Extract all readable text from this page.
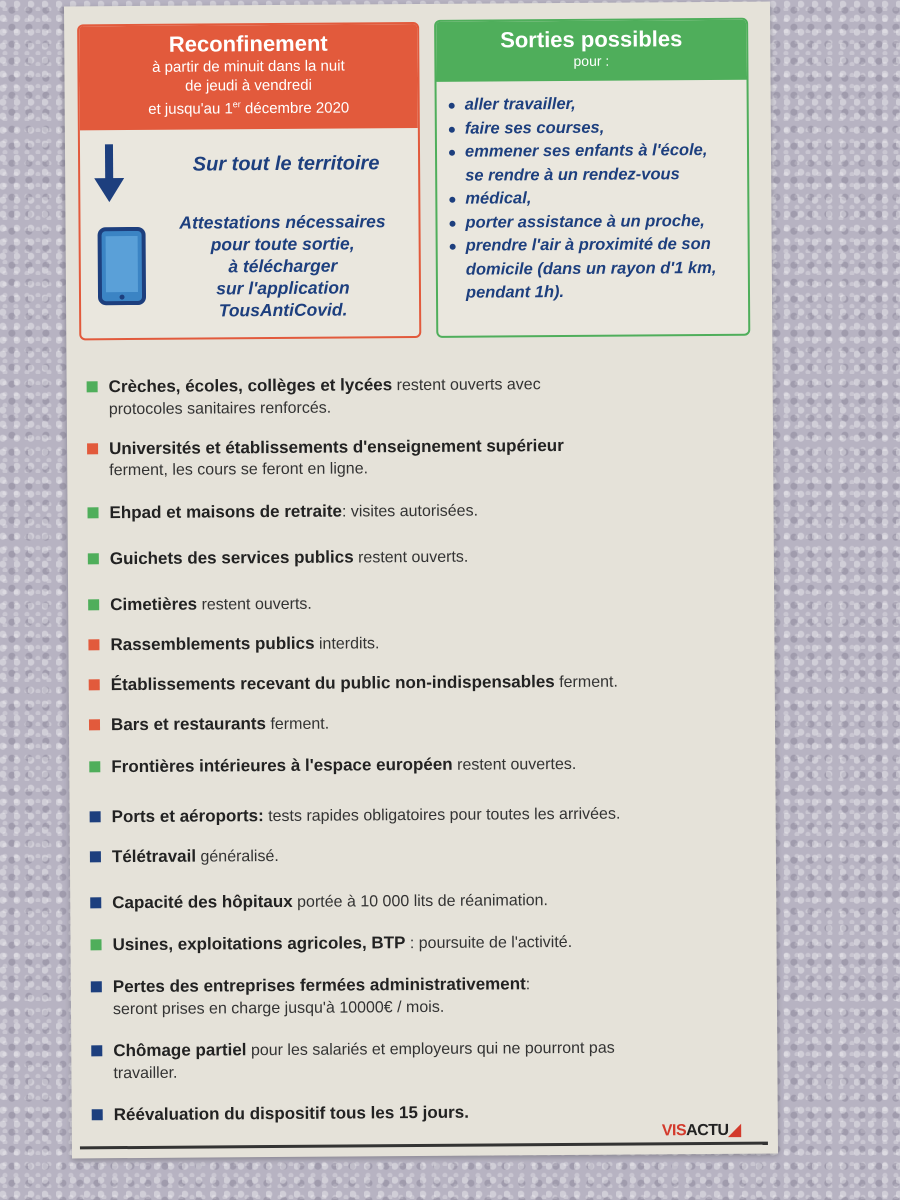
Reconfinement
à partir de minuit dans la nuit
de jeudi à vendredi
et jusqu'au 1er décembre 2020
Sur tout le territoire
Attestations nécessaires
pour toute sortie,
à télécharger
sur l'application
TousAntiCovid.
Sorties possibles
pour :
aller travailler,
faire ses courses,
emmener ses enfants à l'école,
se rendre à un rendez-vous
médical,
porter assistance à un proche,
prendre l'air à proximité de son
domicile (dans un rayon d'1 km,
pendant 1h).
Crèches, écoles, collèges et lycées restent ouverts avec
protocoles sanitaires renforcés.
Universités et établissements d'enseignement supérieur
ferment, les cours se feront en ligne.
Ehpad et maisons de retraite: visites autorisées.
Guichets des services publics restent ouverts.
Cimetières restent ouverts.
Rassemblements publics interdits.
Établissements recevant du public non-indispensables ferment.
Bars et restaurants ferment.
Frontières intérieures à l'espace européen restent ouvertes.
Ports et aéroports: tests rapides obligatoires pour toutes les arrivées.
Télétravail généralisé.
Capacité des hôpitaux portée à 10 000 lits de réanimation.
Usines, exploitations agricoles, BTP : poursuite de l'activité.
Pertes des entreprises fermées administrativement:
seront prises en charge jusqu'à 10000€ / mois.
Chômage partiel pour les salariés et employeurs qui ne pourront pas
travailler.
Réévaluation du dispositif tous les 15 jours.
VISACTU◢
